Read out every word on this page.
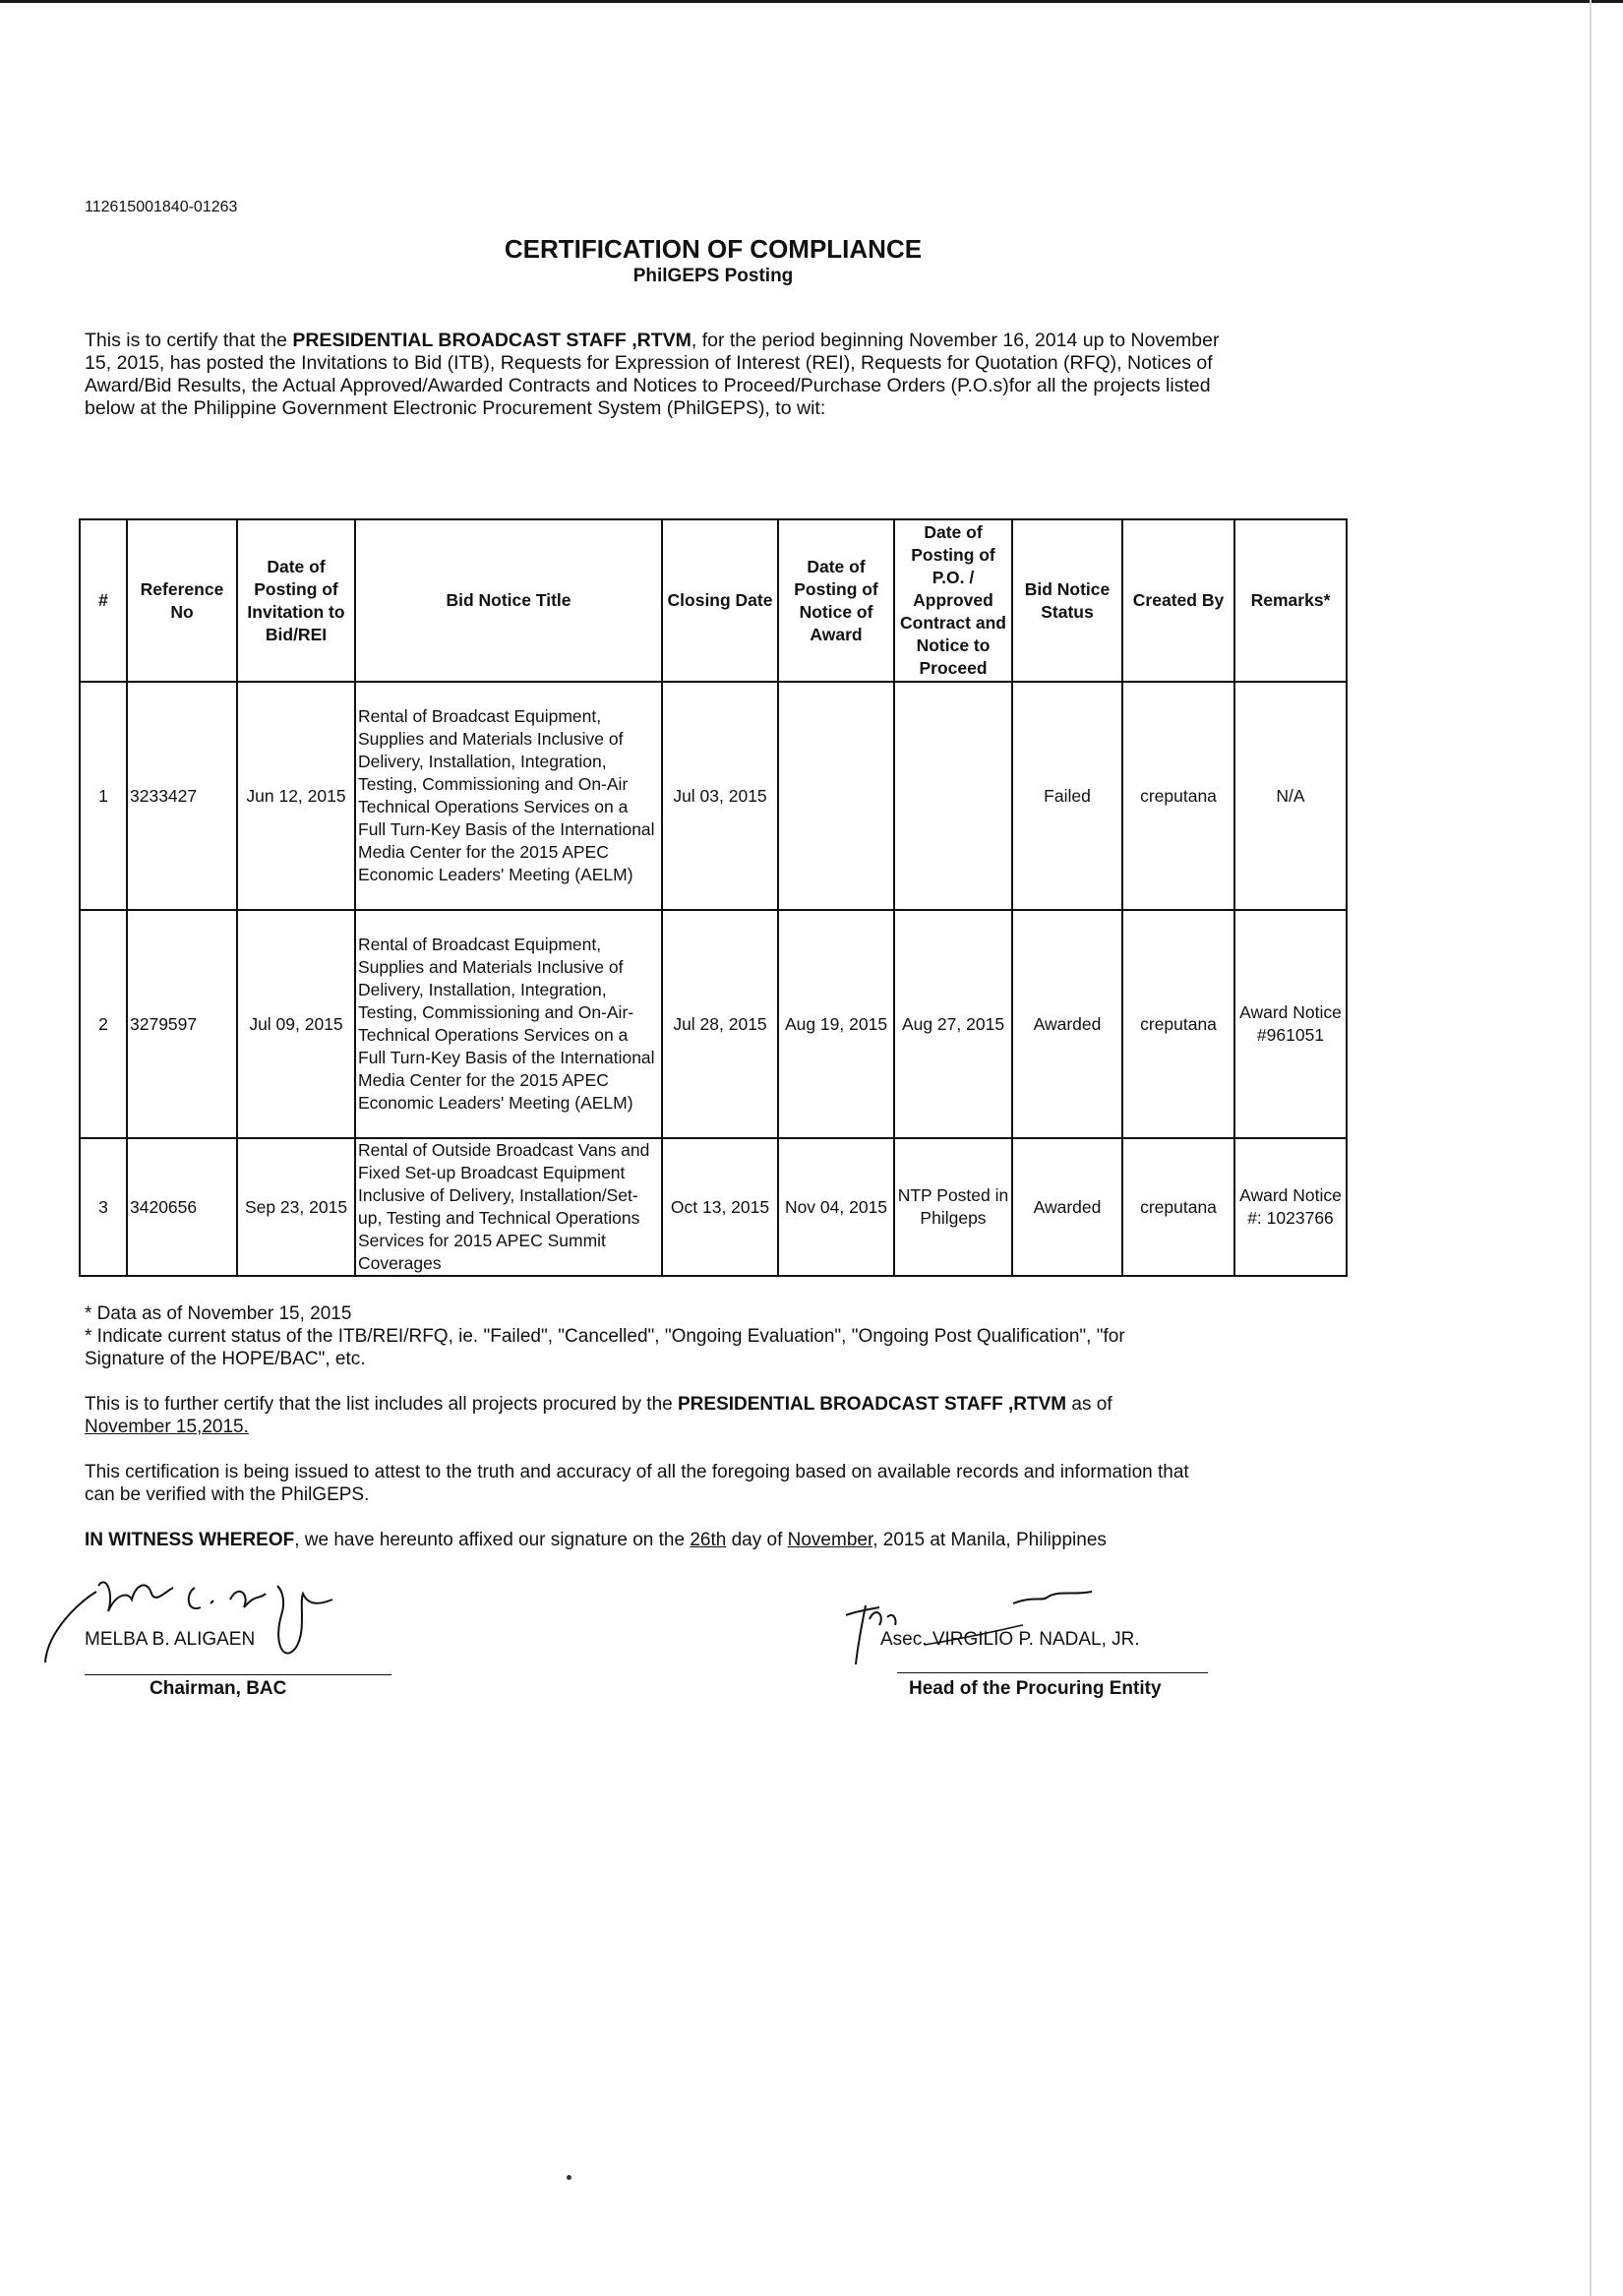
112615001840-01263
CERTIFICATION OF COMPLIANCE
PhilGEPS Posting
This is to certify that the PRESIDENTIAL BROADCAST STAFF ,RTVM, for the period beginning November 16, 2014 up to November
15, 2015, has posted the Invitations to Bid (ITB), Requests for Expression of Interest (REI), Requests for Quotation (RFQ), Notices of
Award/Bid Results, the Actual Approved/Awarded Contracts and Notices to Proceed/Purchase Orders (P.O.s)for all the projects listed
below at the Philippine Government Electronic Procurement System (PhilGEPS), to wit:
#	Reference No	Date of Posting of Invitation to Bid/REI	Bid Notice Title	Closing Date	Date of Posting of Notice of Award	Date of Posting of P.O. / Approved Contract and Notice to Proceed	Bid Notice Status	Created By	Remarks*
1	3233427	Jun 12, 2015	Rental of Broadcast Equipment, Supplies and Materials Inclusive of Delivery, Installation, Integration, Testing, Commissioning and On-Air Technical Operations Services on a Full Turn-Key Basis of the International Media Center for the 2015 APEC Economic Leaders' Meeting (AELM)	Jul 03, 2015			Failed	creputana	N/A
2	3279597	Jul 09, 2015	Rental of Broadcast Equipment, Supplies and Materials Inclusive of Delivery, Installation, Integration, Testing, Commissioning and On-Air-Technical Operations Services on a Full Turn-Key Basis of the International Media Center for the 2015 APEC Economic Leaders' Meeting (AELM)	Jul 28, 2015	Aug 19, 2015	Aug 27, 2015	Awarded	creputana	Award Notice #961051
3	3420656	Sep 23, 2015	Rental of Outside Broadcast Vans and Fixed Set-up Broadcast Equipment Inclusive of Delivery, Installation/Set-up, Testing and Technical Operations Services for 2015 APEC Summit Coverages	Oct 13, 2015	Nov 04, 2015	NTP Posted in Philgeps	Awarded	creputana	Award Notice #: 1023766
* Data as of November 15, 2015
* Indicate current status of the ITB/REI/RFQ, ie. "Failed", "Cancelled", "Ongoing Evaluation", "Ongoing Post Qualification", "for
Signature of the HOPE/BAC", etc.
This is to further certify that the list includes all projects procured by the PRESIDENTIAL BROADCAST STAFF ,RTVM as of
November 15,2015.
This certification is being issued to attest to the truth and accuracy of all the foregoing based on available records and information that
can be verified with the PhilGEPS.
IN WITNESS WHEREOF, we have hereunto affixed our signature on the 26th day of November, 2015 at Manila, Philippines
MELBA B. ALIGAEN
Chairman, BAC
Asec. VIRGILIO P. NADAL, JR.
Head of the Procuring Entity
